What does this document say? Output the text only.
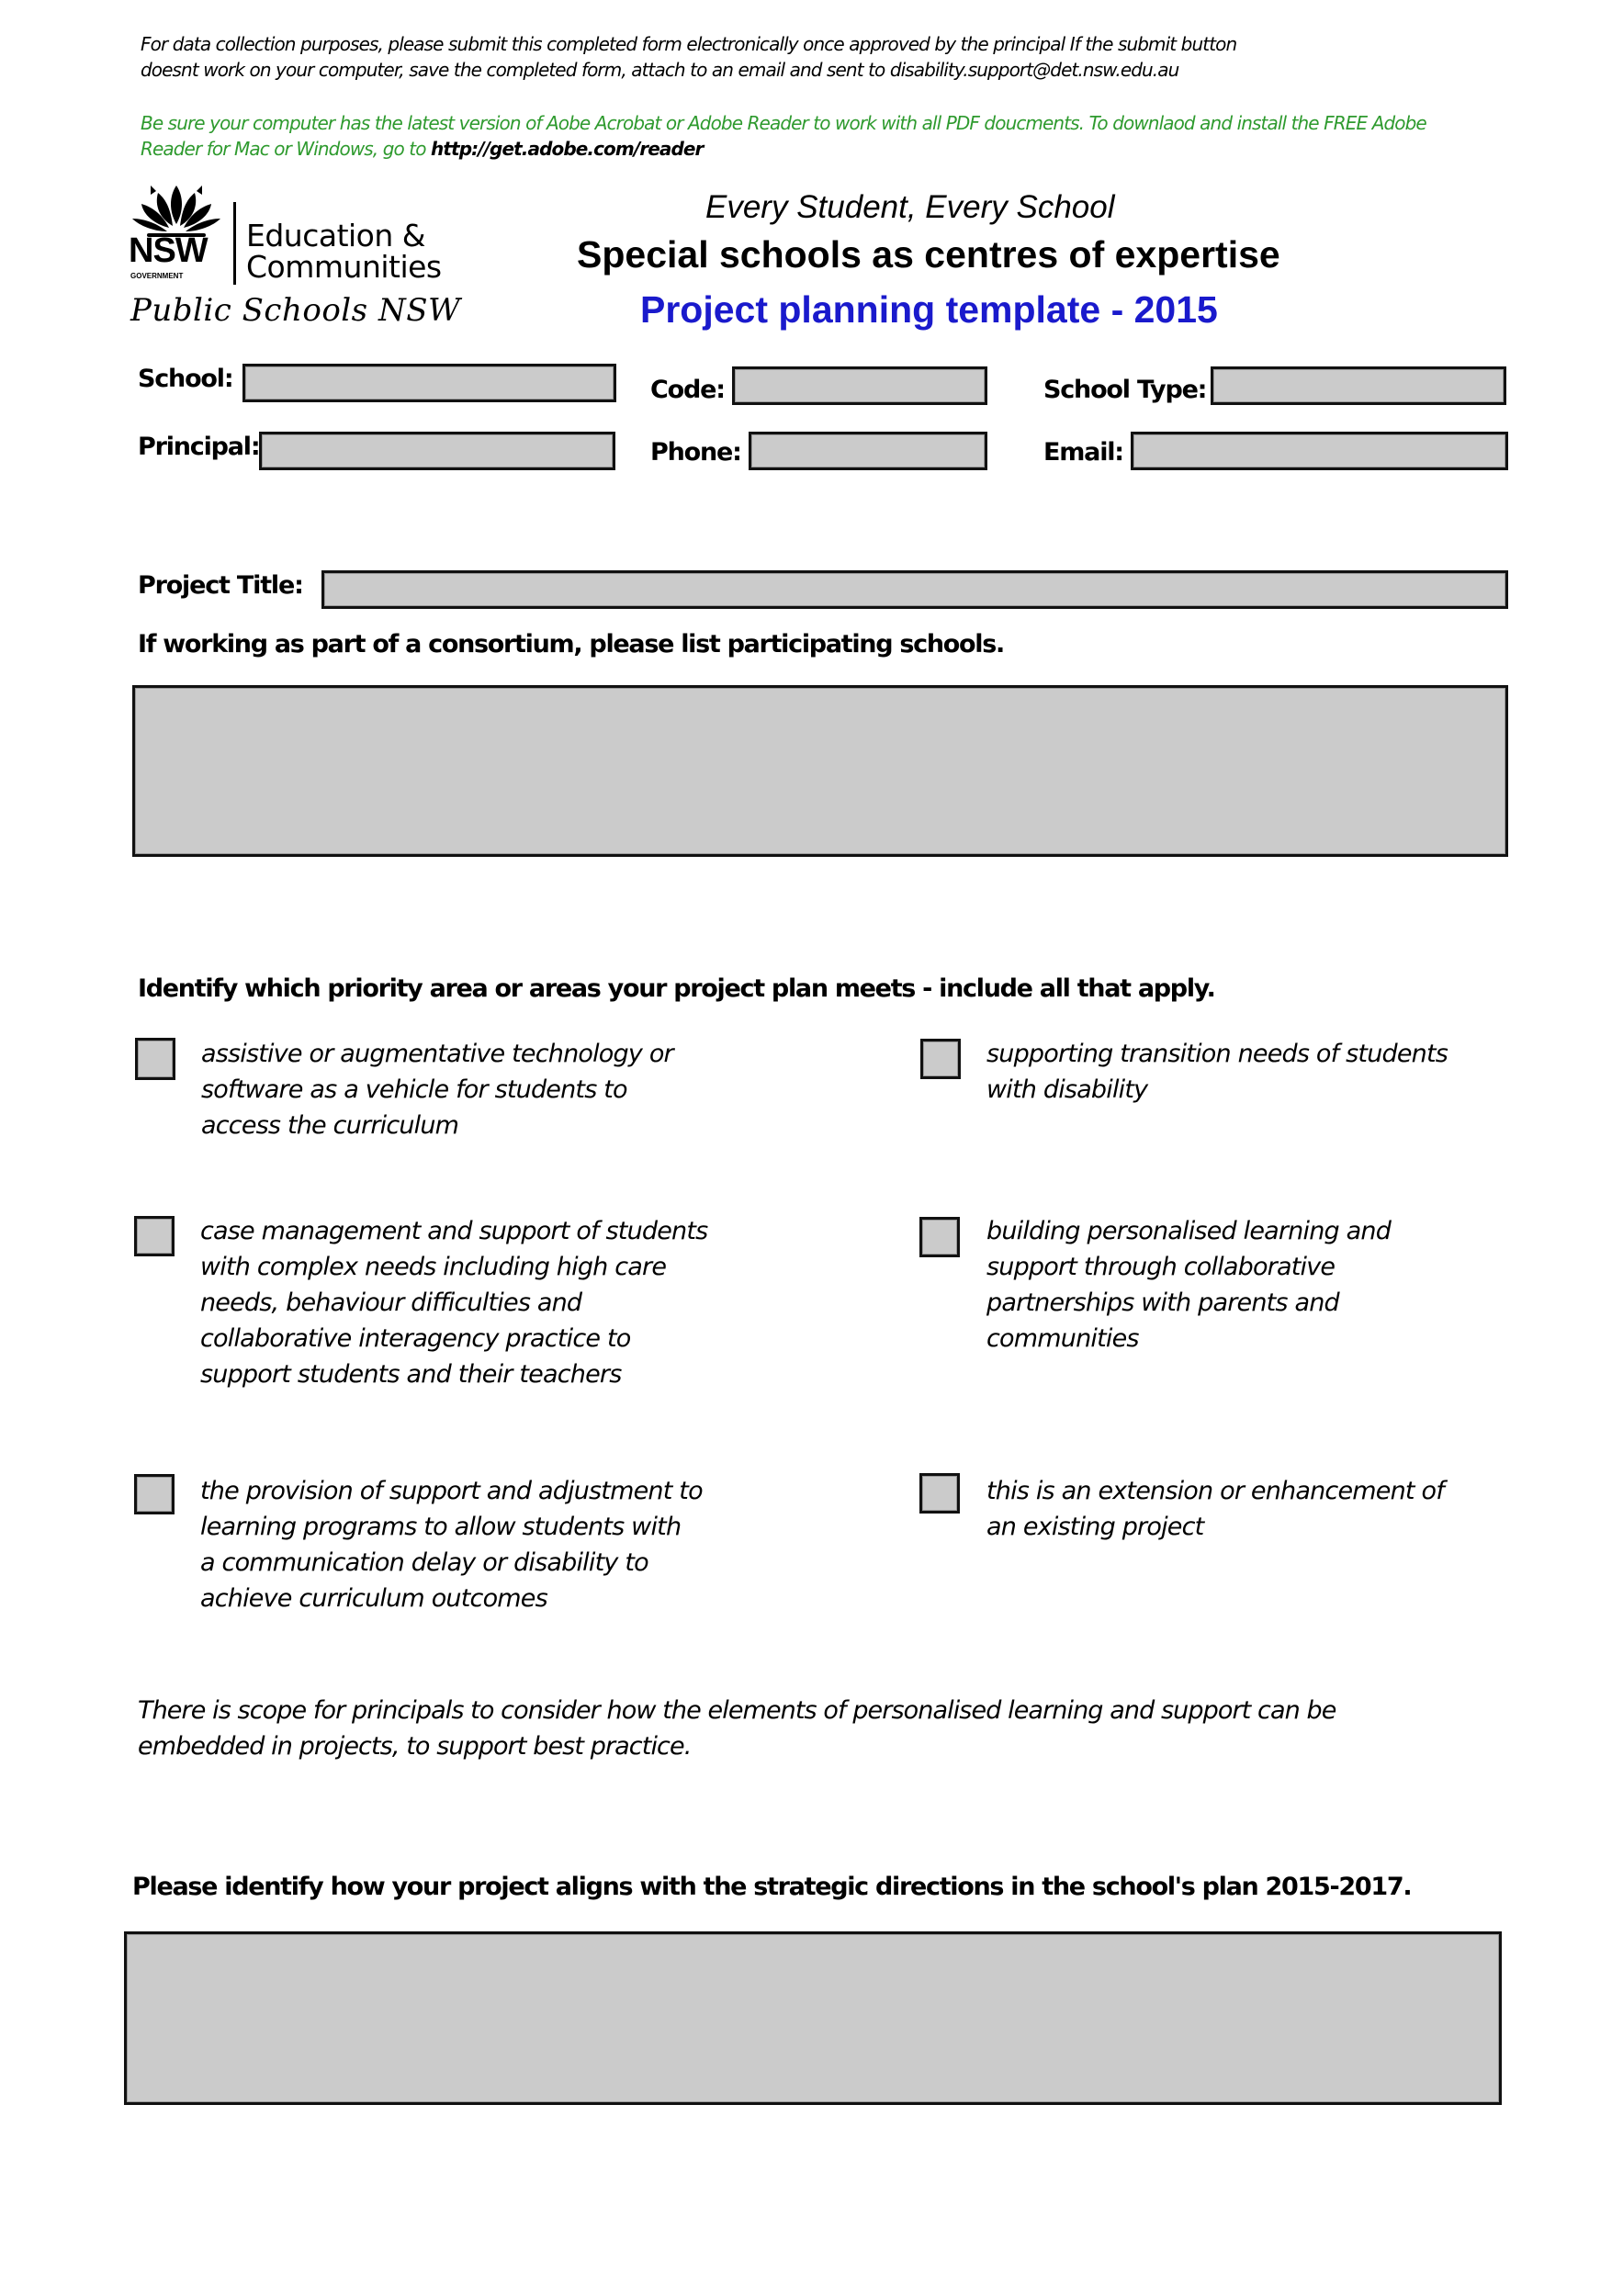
For data collection purposes, please submit this completed form electronically once approved by the principal If the submit button
doesnt work on your computer, save the completed form, attach to an email and sent to disability.support@det.nsw.edu.au
Be sure your computer has the latest version of Aobe Acrobat or Adobe Reader to work with all PDF doucments. To downlaod and install the FREE Adobe
Reader for Mac or Windows, go to http://get.adobe.com/reader
NSW
GOVERNMENT
Education &
Communities
Public Schools NSW
Every Student, Every School
Special schools as centres of expertise
Project planning template - 2015
School:	Code:	School Type:
Principal:	Phone:	Email:
Project Title:
If working as part of a consortium, please list participating schools.
Identify which priority area or areas your project plan meets - include all that apply.
assistive or augmentative technology or
software as a vehicle for students to
access the curriculum
supporting transition needs of students
with disability
case management and support of students
with complex needs including high care
needs, behaviour difficulties and
collaborative interagency practice to
support students and their teachers
building personalised learning and
support through collaborative
partnerships with parents and
communities
the provision of support and adjustment to
learning programs to allow students with
a communication delay or disability to
achieve curriculum outcomes
this is an extension or enhancement of
an existing project
There is scope for principals to consider how the elements of personalised learning and support can be
embedded in projects, to support best practice.
Please identify how your project aligns with the strategic directions in the school's plan 2015-2017.
